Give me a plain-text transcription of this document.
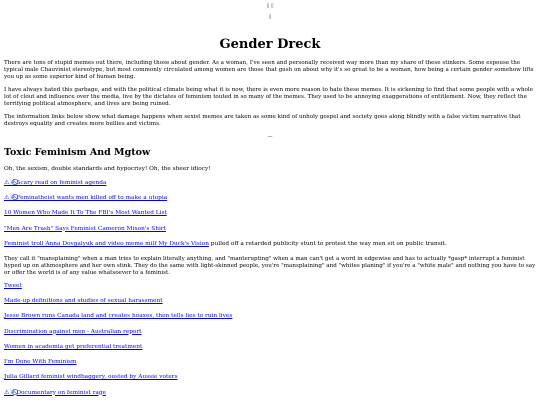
▯ ▯
▯
Gender Dreck

There are tons of stupid memes out there, including those about gender. As a woman, I've seen and personally received way more than my share of these stinkers. Some espouse the typical male Chauvinist stereotype, but most commonly circulated among women are those that gush on about why it's so great to be a woman, how being a certain gender somehow lifts you up as some superior kind of human being.

I have always hated this garbage, and with the political climate being what it is now, there is even more reason to hate these memes. It is sickening to find that some people with a whole lot of clout and influence over the media, live by the dictates of feminism touted in so many of the memes. They used to be annoying exaggerations of entitlement. Now, they reflect the terrifying political atmosphere, and lives are being ruined.

The information links below show what damage happens when sexist memes are taken as some kind of unholy gospel and society goes along blindly with a false victim narrative that destroys equality and creates more bullies and victims.

—
Toxic Feminism And Mgtow

Oh, the sexism, double standards and hypocrisy! Oh, the sheer idiocy!

⚠☠️⃠Scary read on feminist agenda
⚠☠️⃠Feminatheist wants men killed off to make a utopia
10 Women Who Made It To The FBI's Most Wanted List
"Men Are Trash" Says Feminist Cameron Mixon's Shirt
Feminist troll Anna Dovgalyuk and video meme milf My Duck's Vision pulled off a retarded publicity stunt to protest the way men sit on public transit.

They call it "mansplaining" when a man tries to explain literally anything, and "manterupting" when a man can't get a word in edgewise and has to actually *gasp* interrupt a feminist hyped up on athmosphere and her own stink. They do the same with light-skinned people, you're "mansplaining" and "whites planing" if you're a "white male" and nothing you have to say or offer the world is of any value whatsoever to a feminist.

Tweet
Made-up definitions and studies of sexual harassment
Jesse Brown runs Canada land and creates hoaxes, then tells lies to ruin lives
Discrimination against men - Australian report
Women in academia get preferential treatment
I'm Done With Feminism
Julia Gillard feminist windbaggery, ousted by Aussie voters
⚠☠️⃠Documentary on feminist rage
